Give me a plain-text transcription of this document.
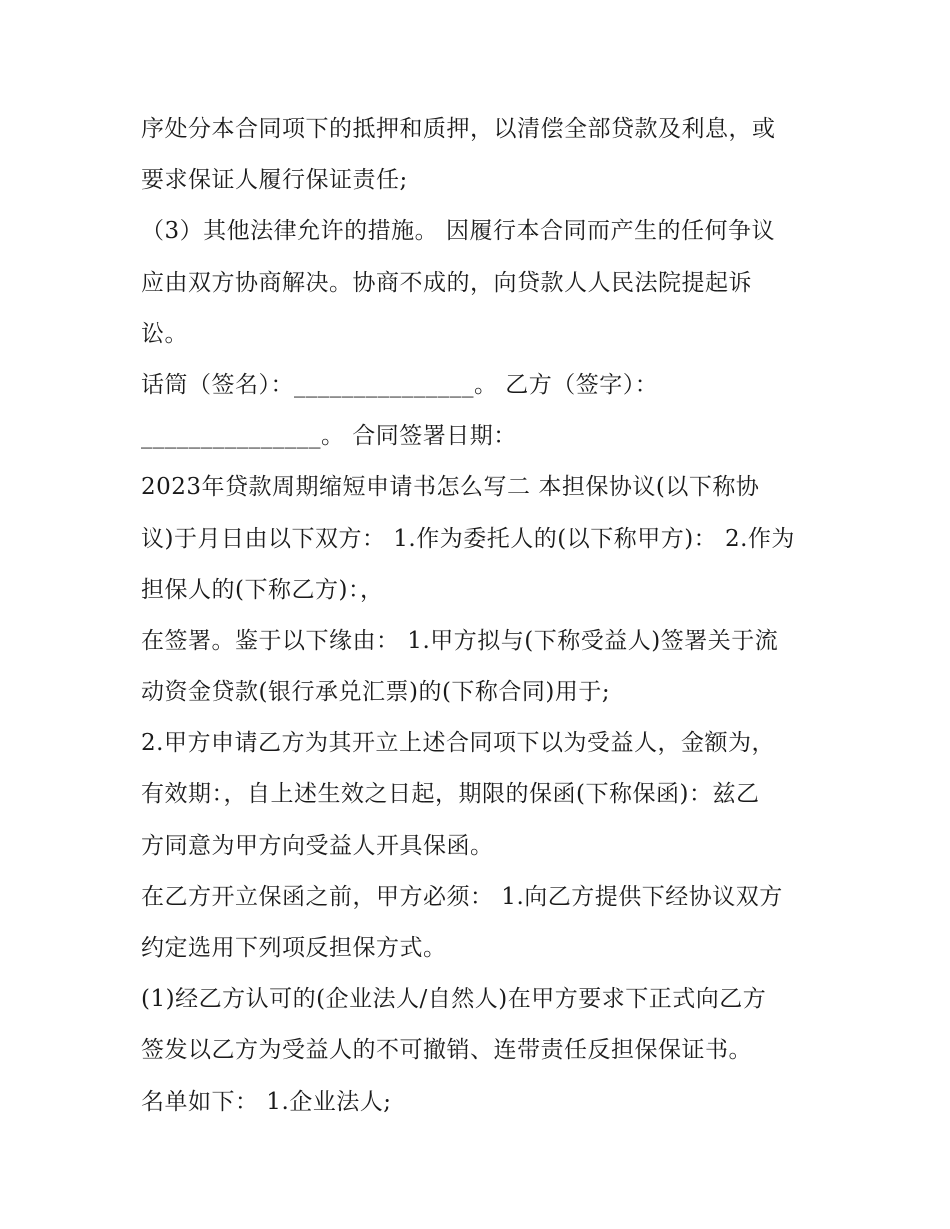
序处分本合同项下的抵押和质押，以清偿全部贷款及利息，或
要求保证人履行保证责任;
（3）其他法律允许的措施。 因履行本合同而产生的任何争议
应由双方协商解决。协商不成的，向贷款人人民法院提起诉
讼。
话筒（签名）：_______________。 乙方（签字）：
_______________。 合同签署日期：
2023年贷款周期缩短申请书怎么写二 本担保协议(以下称协
议)于月日由以下双方： 1.作为委托人的(以下称甲方)： 2.作为
担保人的(下称乙方)：，
在签署。鉴于以下缘由： 1.甲方拟与(下称受益人)签署关于流
动资金贷款(银行承兑汇票)的(下称合同)用于;
2.甲方申请乙方为其开立上述合同项下以为受益人，金额为，
有效期：，自上述生效之日起，期限的保函(下称保函)：兹乙
方同意为甲方向受益人开具保函。
在乙方开立保函之前，甲方必须： 1.向乙方提供下经协议双方
约定选用下列项反担保方式。
(1)经乙方认可的(企业法人/自然人)在甲方要求下正式向乙方
签发以乙方为受益人的不可撤销、连带责任反担保保证书。
名单如下： 1.企业法人;
